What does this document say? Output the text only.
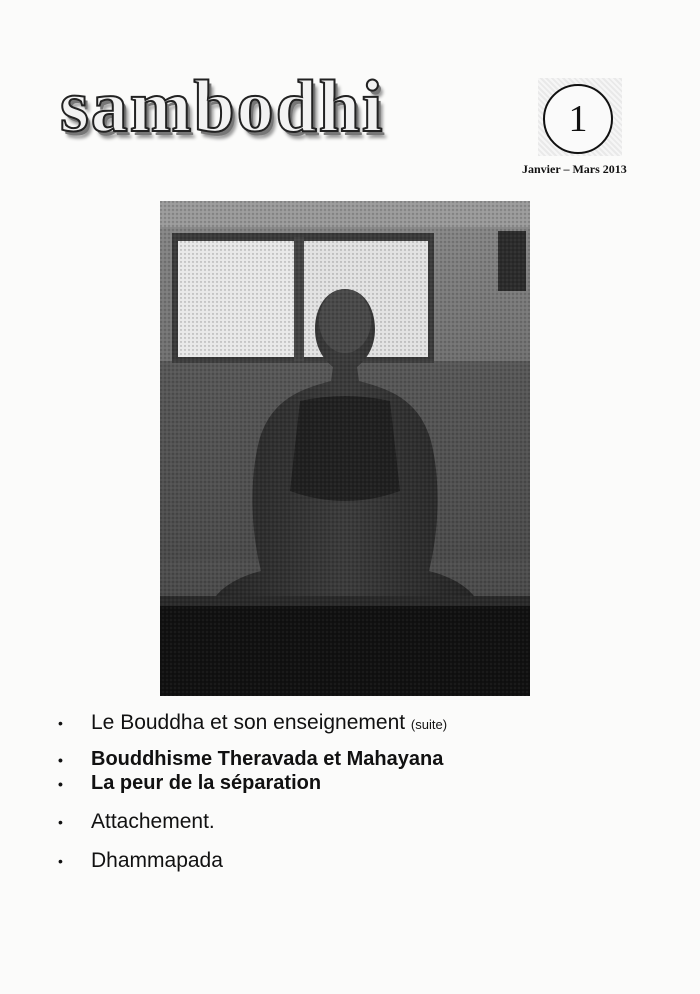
sambodhi	1
Janvier – Mars 2013
• Le Bouddha et son enseignement (suite)
• Bouddhisme Theravada et Mahayana
• La peur de la séparation
• Attachement.
• Dhammapada
